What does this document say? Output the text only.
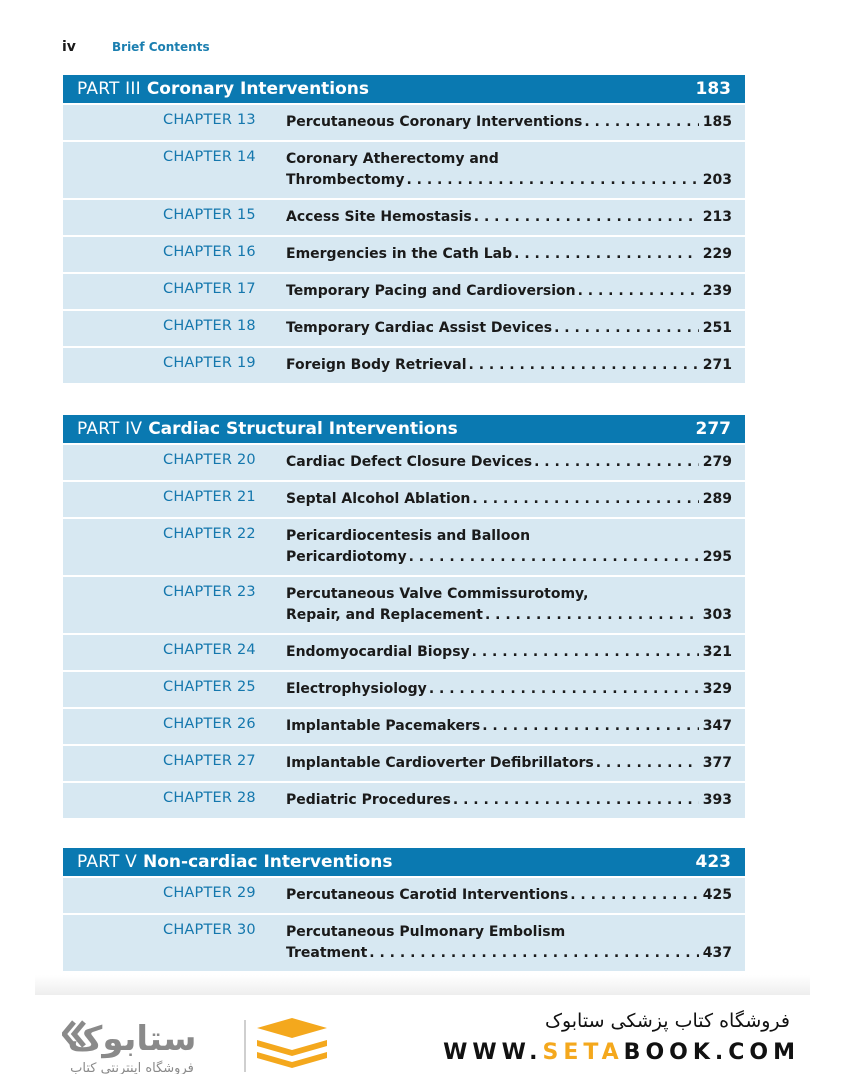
iv	Brief Contents
PART III Coronary Interventions	183
CHAPTER 13 Percutaneous Coronary Interventions . . .	185
CHAPTER 14 Coronary Atherectomy and
Thrombectomy . . .	203
CHAPTER 15 Access Site Hemostasis . . .	213
CHAPTER 16 Emergencies in the Cath Lab . . .	229
CHAPTER 17 Temporary Pacing and Cardioversion . . .	239
CHAPTER 18 Temporary Cardiac Assist Devices . . .	251
CHAPTER 19 Foreign Body Retrieval . . .	271
PART IV Cardiac Structural Interventions	277
CHAPTER 20 Cardiac Defect Closure Devices . . .	279
CHAPTER 21 Septal Alcohol Ablation . . .	289
CHAPTER 22 Pericardiocentesis and Balloon
Pericardiotomy . . .	295
CHAPTER 23 Percutaneous Valve Commissurotomy,
Repair, and Replacement . . .	303
CHAPTER 24 Endomyocardial Biopsy . . .	321
CHAPTER 25 Electrophysiology . . .	329
CHAPTER 26 Implantable Pacemakers . . .	347
CHAPTER 27 Implantable Cardioverter Defibrillators . . .	377
CHAPTER 28 Pediatric Procedures . . .	393
PART V Non-cardiac Interventions	423
CHAPTER 29 Percutaneous Carotid Interventions . . .	425
CHAPTER 30 Percutaneous Pulmonary Embolism
Treatment . . .	437
ستابوک
فروشگاه اینترنتی کتاب
فروشگاه کتاب پزشکی ستابوک
WWW.SETABOOK.COM
